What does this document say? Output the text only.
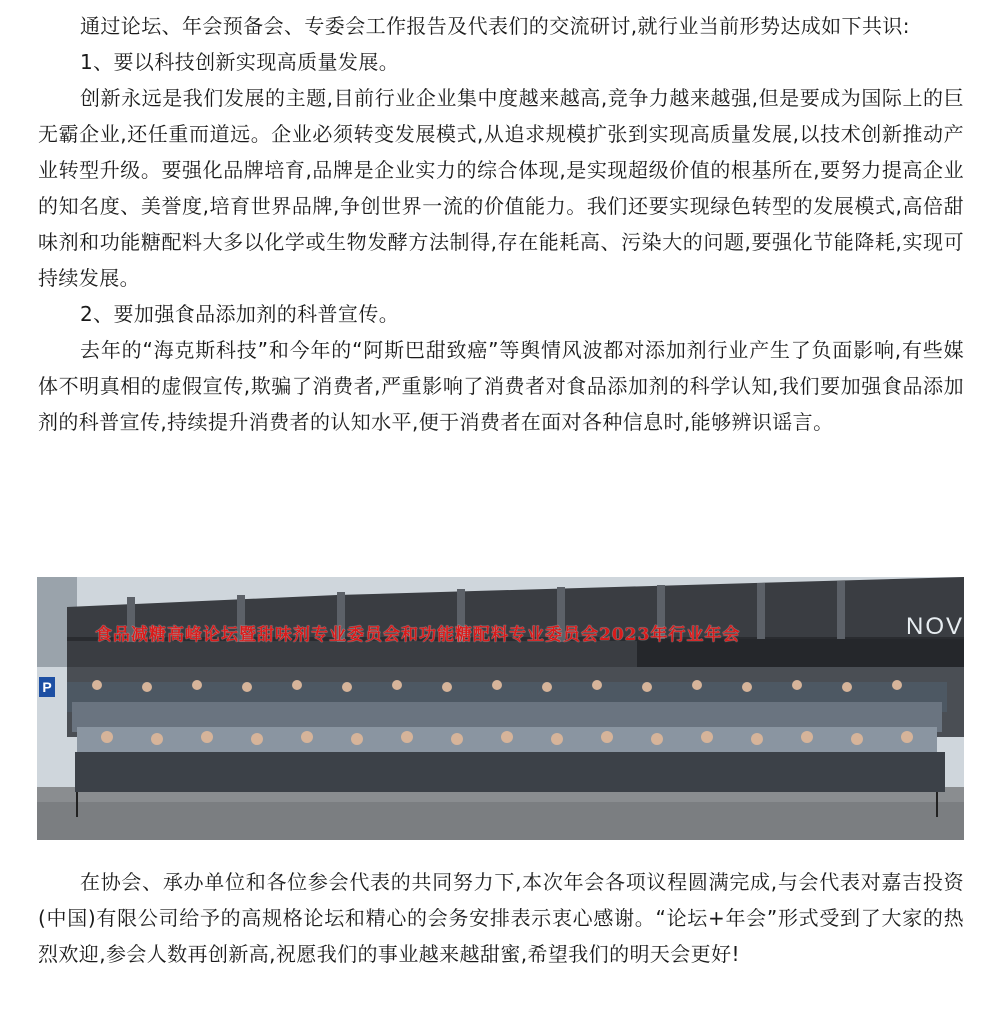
通过论坛、年会预备会、专委会工作报告及代表们的交流研讨,就行业当前形势达成如下共识:

1、要以科技创新实现高质量发展。

创新永远是我们发展的主题,目前行业企业集中度越来越高,竞争力越来越强,但是要成为国际上的巨无霸企业,还任重而道远。企业必须转变发展模式,从追求规模扩张到实现高质量发展,以技术创新推动产业转型升级。要强化品牌培育,品牌是企业实力的综合体现,是实现超级价值的根基所在,要努力提高企业的知名度、美誉度,培育世界品牌,争创世界一流的价值能力。我们还要实现绿色转型的发展模式,高倍甜味剂和功能糖配料大多以化学或生物发酵方法制得,存在能耗高、污染大的问题,要强化节能降耗,实现可持续发展。

2、要加强食品添加剂的科普宣传。

去年的“海克斯科技”和今年的“阿斯巴甜致癌”等舆情风波都对添加剂行业产生了负面影响,有些媒体不明真相的虚假宣传,欺骗了消费者,严重影响了消费者对食品添加剂的科学认知,我们要加强食品添加剂的科普宣传,持续提升消费者的认知水平,便于消费者在面对各种信息时,能够辨识谣言。

食品减糖高峰论坛暨甜味剂专业委员会和功能糖配料专业委员会2023年行业年会	NOV
P

在协会、承办单位和各位参会代表的共同努力下,本次年会各项议程圆满完成,与会代表对嘉吉投资(中国)有限公司给予的高规格论坛和精心的会务安排表示衷心感谢。“论坛+年会”形式受到了大家的热烈欢迎,参会人数再创新高,祝愿我们的事业越来越甜蜜,希望我们的明天会更好!
